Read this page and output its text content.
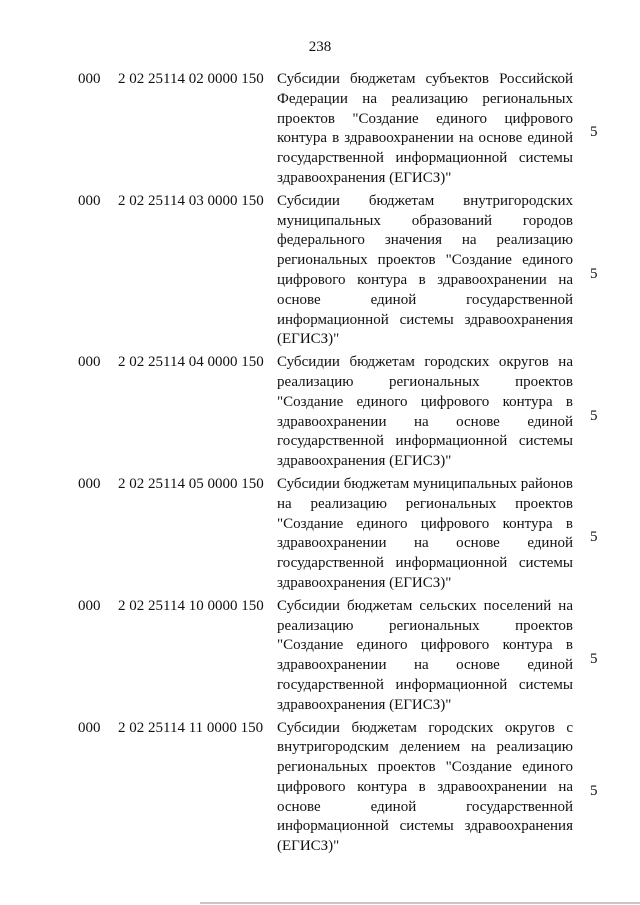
238
000 2 02 25114 02 0000 150 Субсидии бюджетам субъектов Российской Федерации на реализацию региональных проектов "Создание единого цифрового контура в здравоохранении на основе единой государственной информационной системы здравоохранения (ЕГИСЗ)"
5
000 2 02 25114 03 0000 150 Субсидии бюджетам внутригородских муниципальных образований городов федерального значения на реализацию региональных проектов "Создание единого цифрового контура в здравоохранении на основе единой государственной информационной системы здравоохранения (ЕГИСЗ)"
5
000 2 02 25114 04 0000 150 Субсидии бюджетам городских округов на реализацию региональных проектов "Создание единого цифрового контура в здравоохранении на основе единой государственной информационной системы здравоохранения (ЕГИСЗ)"
5
000 2 02 25114 05 0000 150 Субсидии бюджетам муниципальных районов на реализацию региональных проектов "Создание единого цифрового контура в здравоохранении на основе единой государственной информационной системы здравоохранения (ЕГИСЗ)"
5
000 2 02 25114 10 0000 150 Субсидии бюджетам сельских поселений на реализацию региональных проектов "Создание единого цифрового контура в здравоохранении на основе единой государственной информационной системы здравоохранения (ЕГИСЗ)"
5
000 2 02 25114 11 0000 150 Субсидии бюджетам городских округов с внутригородским делением на реализацию региональных проектов "Создание единого цифрового контура в здравоохранении на основе единой государственной информационной системы здравоохранения (ЕГИСЗ)"
5
